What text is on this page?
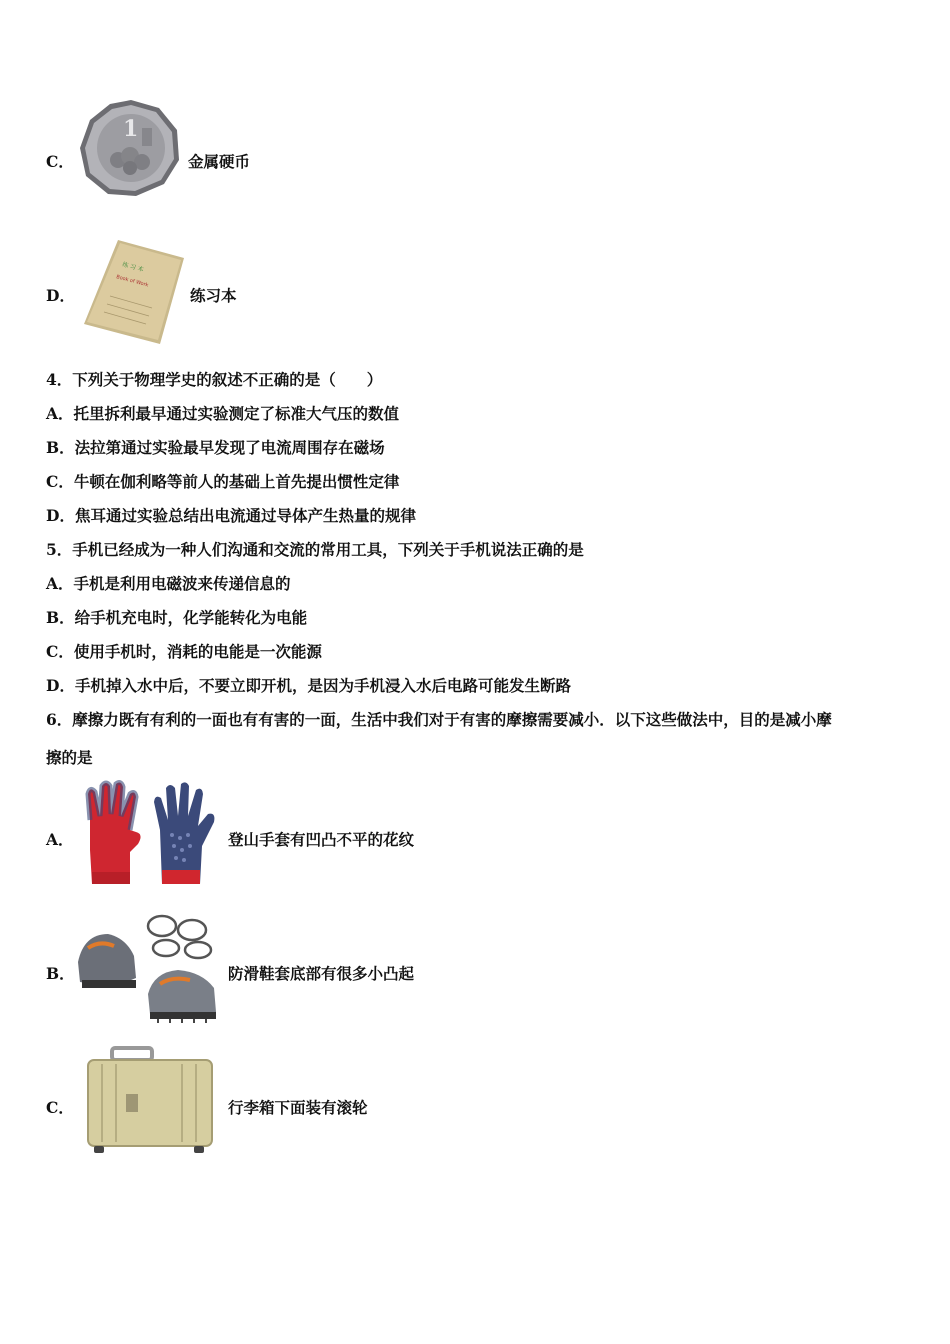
C．
1
金属硬币
D．
练 习 本
Book of Work
练习本
4．下列关于物理学史的叙述不正确的是（　　）
A．托里拆利最早通过实验测定了标准大气压的数值
B．法拉第通过实验最早发现了电流周围存在磁场
C．牛顿在伽利略等前人的基础上首先提出惯性定律
D．焦耳通过实验总结出电流通过导体产生热量的规律
5．手机已经成为一种人们沟通和交流的常用工具，下列关于手机说法正确的是
A．手机是利用电磁波来传递信息的
B．给手机充电时，化学能转化为电能
C．使用手机时，消耗的电能是一次能源
D．手机掉入水中后，不要立即开机，是因为手机浸入水后电路可能发生断路
6．摩擦力既有有利的一面也有有害的一面，生活中我们对于有害的摩擦需要减小．以下这些做法中，目的是减小摩
擦的是
A．	登山手套有凹凸不平的花纹
B．	防滑鞋套底部有很多小凸起
C．	行李箱下面装有滚轮
